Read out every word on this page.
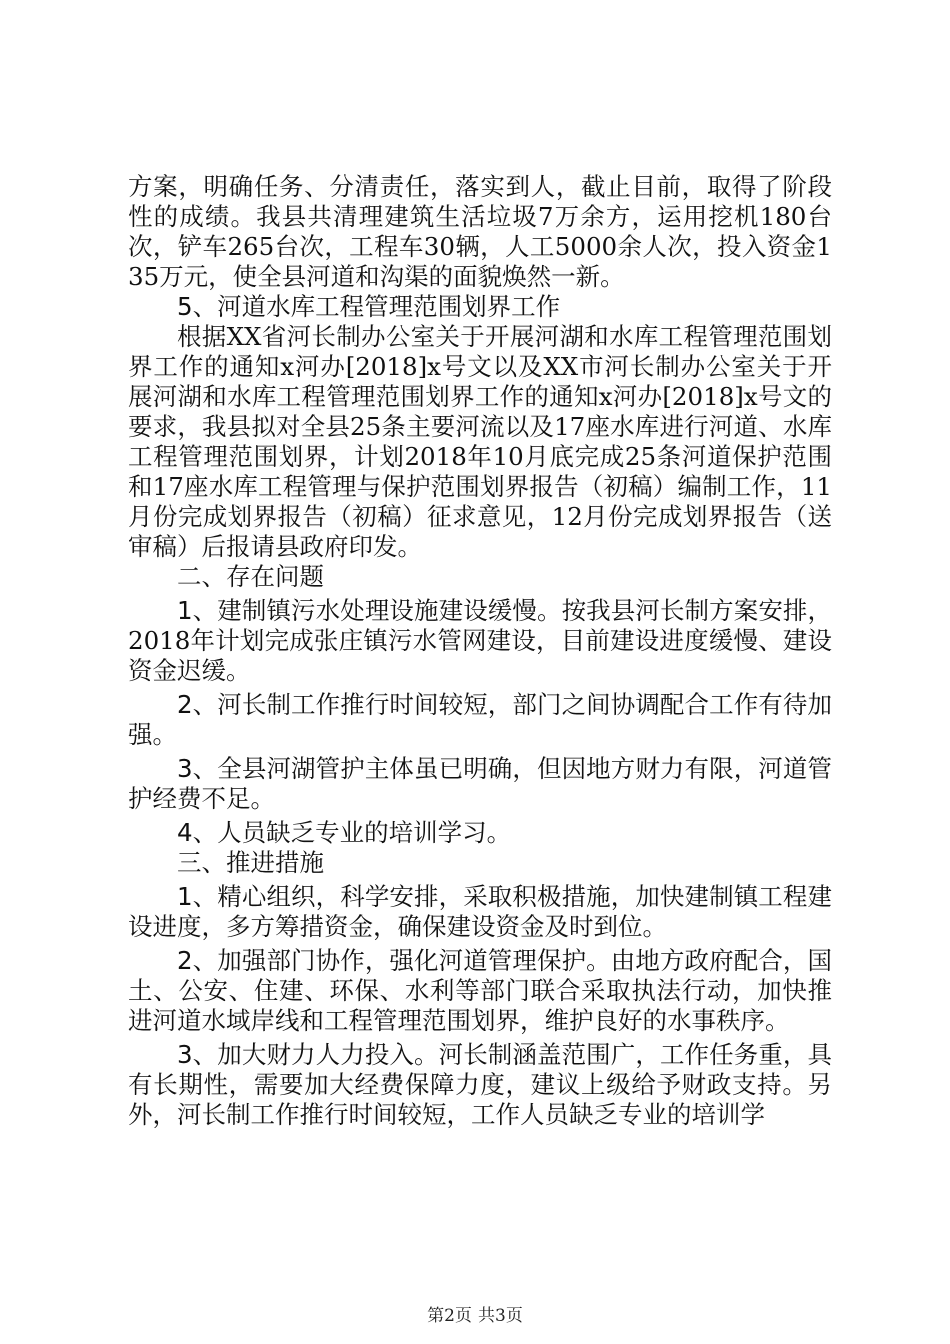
方案，明确任务、分清责任，落实到人，截止目前，取得了阶段性的成绩。我县共清理建筑生活垃圾7万余方，运用挖机180台次，铲车265台次，工程车30辆，人工5000余人次，投入资金135万元，使全县河道和沟渠的面貌焕然一新。

5、河道水库工程管理范围划界工作

根据XX省河长制办公室关于开展河湖和水库工程管理范围划界工作的通知x河办[2018]x号文以及XX市河长制办公室关于开展河湖和水库工程管理范围划界工作的通知x河办[2018]x号文的要求，我县拟对全县25条主要河流以及17座水库进行河道、水库工程管理范围划界，计划2018年10月底完成25条河道保护范围和17座水库工程管理与保护范围划界报告（初稿）编制工作，11月份完成划界报告（初稿）征求意见，12月份完成划界报告（送审稿）后报请县政府印发。

二、存在问题

1、建制镇污水处理设施建设缓慢。按我县河长制方案安排，2018年计划完成张庄镇污水管网建设，目前建设进度缓慢、建设资金迟缓。

2、河长制工作推行时间较短，部门之间协调配合工作有待加强。

3、全县河湖管护主体虽已明确，但因地方财力有限，河道管护经费不足。

4、人员缺乏专业的培训学习。

三、推进措施

1、精心组织，科学安排，采取积极措施，加快建制镇工程建设进度，多方筹措资金，确保建设资金及时到位。

2、加强部门协作，强化河道管理保护。由地方政府配合，国土、公安、住建、环保、水利等部门联合采取执法行动，加快推进河道水域岸线和工程管理范围划界，维护良好的水事秩序。

3、加大财力人力投入。河长制涵盖范围广，工作任务重，具有长期性，需要加大经费保障力度，建议上级给予财政支持。另外，河长制工作推行时间较短，工作人员缺乏专业的培训学

第2页 共3页
